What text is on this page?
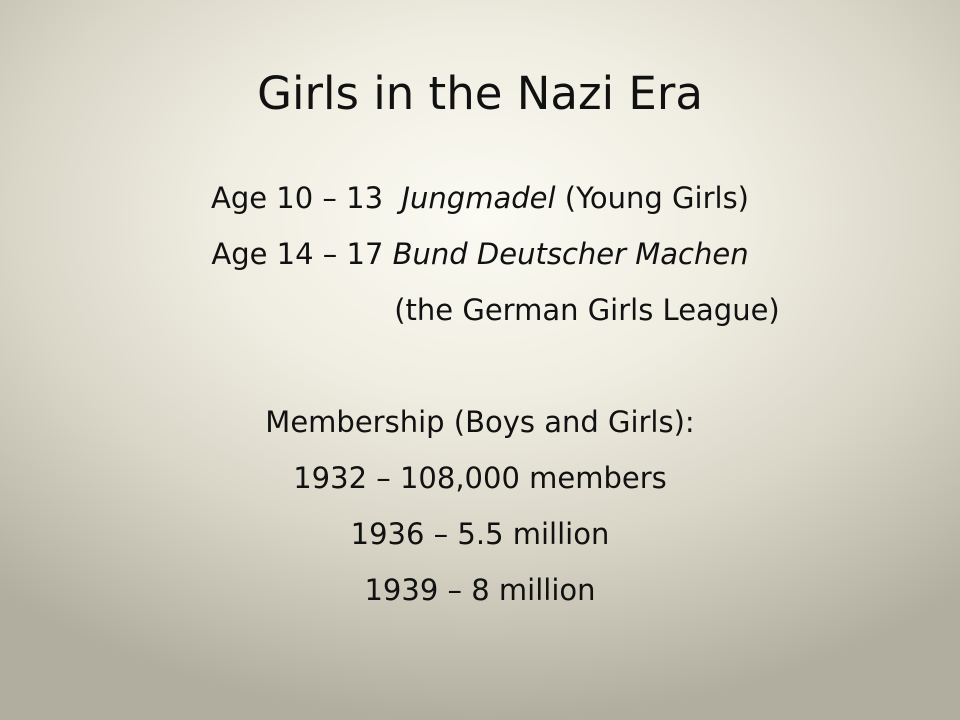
Girls in the Nazi Era
Age 10 – 13 Jungmadel (Young Girls)
Age 14 – 17 Bund Deutscher Machen
(the German Girls League)
Membership (Boys and Girls):
1932 – 108,000 members
1936 – 5.5 million
1939 – 8 million
